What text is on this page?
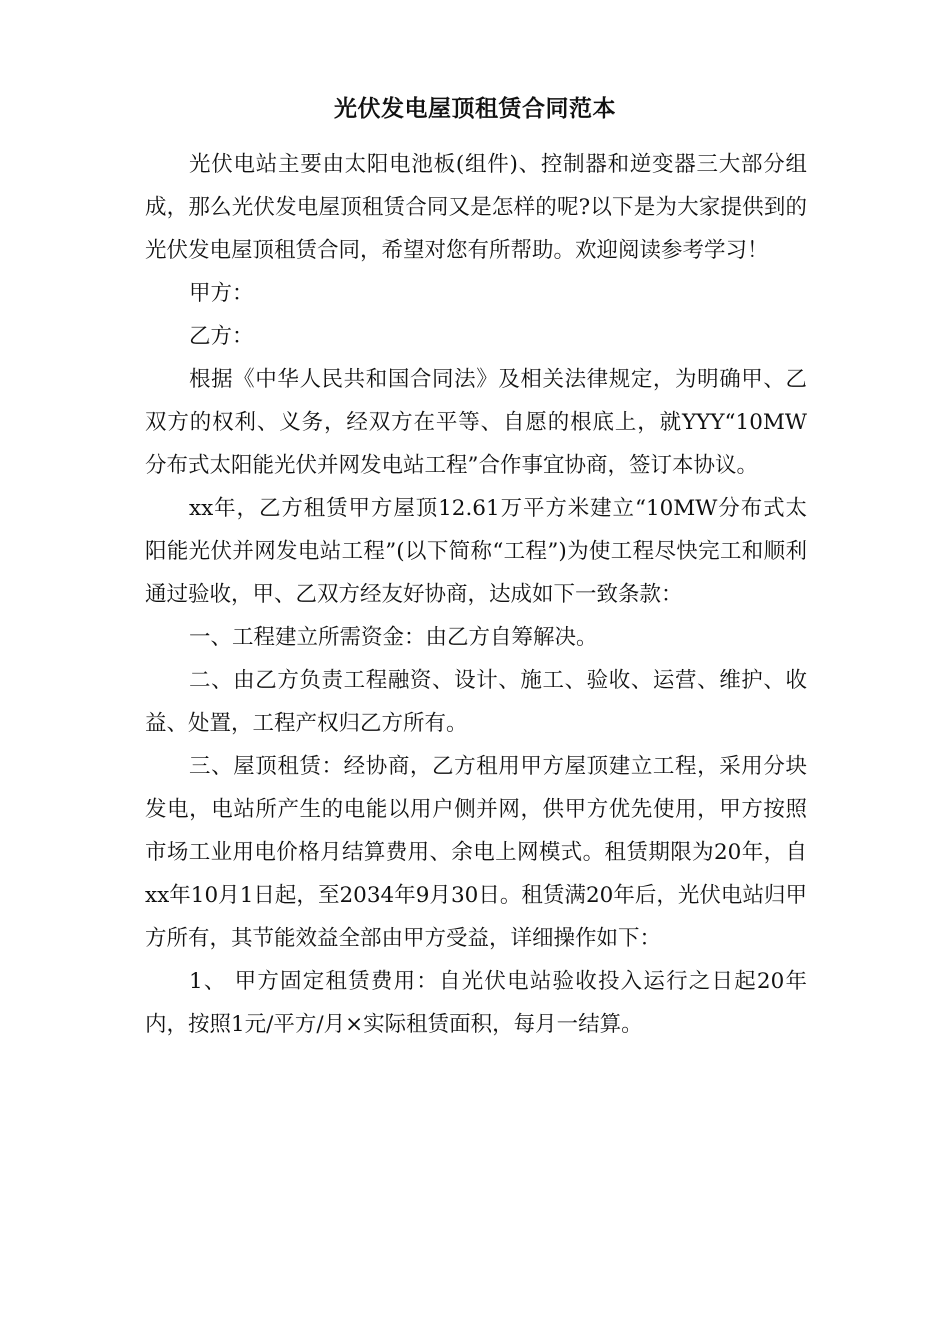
光伏发电屋顶租赁合同范本

光伏电站主要由太阳电池板(组件)、控制器和逆变器三大部分组成，那么光伏发电屋顶租赁合同又是怎样的呢?以下是为大家提供到的光伏发电屋顶租赁合同，希望对您有所帮助。欢迎阅读参考学习！

甲方：

乙方：

根据《中华人民共和国合同法》及相关法律规定，为明确甲、乙双方的权利、义务，经双方在平等、自愿的根底上，就YYY“10MW分布式太阳能光伏并网发电站工程”合作事宜协商，签订本协议。

xx年，乙方租赁甲方屋顶12.61万平方米建立“10MW分布式太阳能光伏并网发电站工程”(以下简称“工程”)为使工程尽快完工和顺利通过验收，甲、乙双方经友好协商，达成如下一致条款：

一、工程建立所需资金：由乙方自筹解决。

二、由乙方负责工程融资、设计、施工、验收、运营、维护、收益、处置，工程产权归乙方所有。

三、屋顶租赁：经协商，乙方租用甲方屋顶建立工程，采用分块发电，电站所产生的电能以用户侧并网，供甲方优先使用，甲方按照市场工业用电价格月结算费用、余电上网模式。租赁期限为20年，自xx年10月1日起，至2034年9月30日。租赁满20年后，光伏电站归甲方所有，其节能效益全部由甲方受益，详细操作如下：

1、 甲方固定租赁费用：自光伏电站验收投入运行之日起20年内，按照1元/平方/月×实际租赁面积，每月一结算。
